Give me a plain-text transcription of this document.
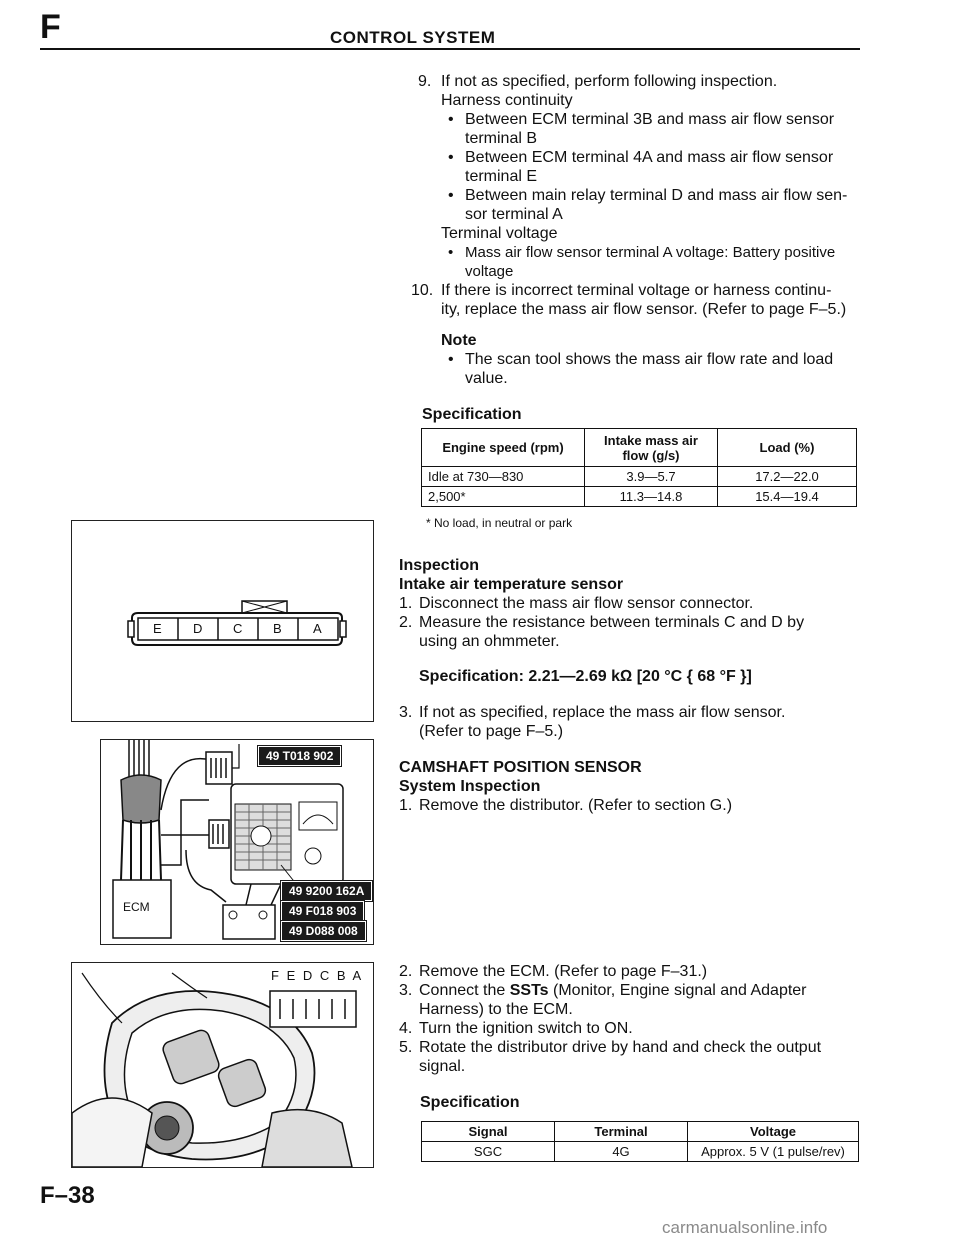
F	CONTROL SYSTEM
9. If not as specified, perform following inspection.
Harness continuity
• Between ECM terminal 3B and mass air flow sensor
terminal B
• Between ECM terminal 4A and mass air flow sensor
terminal E
• Between main relay terminal D and mass air flow sen-
sor terminal A
Terminal voltage
• Mass air flow sensor terminal A voltage: Battery positive
voltage
10. If there is incorrect terminal voltage or harness continu-
ity, replace the mass air flow sensor. (Refer to page F–5.)
Note
• The scan tool shows the mass air flow rate and load
value.
Specification
Engine speed (rpm)	Intake mass air
flow (g/s)	Load (%)
Idle at 730—830	3.9—5.7	17.2—22.0
2,500*	11.3—14.8	15.4—19.4
* No load, in neutral or park
Inspection
Intake air temperature sensor
1. Disconnect the mass air flow sensor connector.
2. Measure the resistance between terminals C and D by
using an ohmmeter.
Specification: 2.21—2.69 kΩ [20 °C { 68 °F }]
3. If not as specified, replace the mass air flow sensor.
(Refer to page F–5.)
CAMSHAFT POSITION SENSOR
System Inspection
1. Remove the distributor. (Refer to section G.)
2. Remove the ECM. (Refer to page F–31.)
3. Connect the SSTs (Monitor, Engine signal and Adapter
Harness) to the ECM.
4. Turn the ignition switch to ON.
5. Rotate the distributor drive by hand and check the output
signal.
Specification
Signal	Terminal	Voltage
SGC	4G	Approx. 5 V (1 pulse/rev)
E D C B A
ECM
49 T018 902
49 9200 162A
49 F018 903
49 D088 008
F E D C B A
F–38
carmanualsonline.info
